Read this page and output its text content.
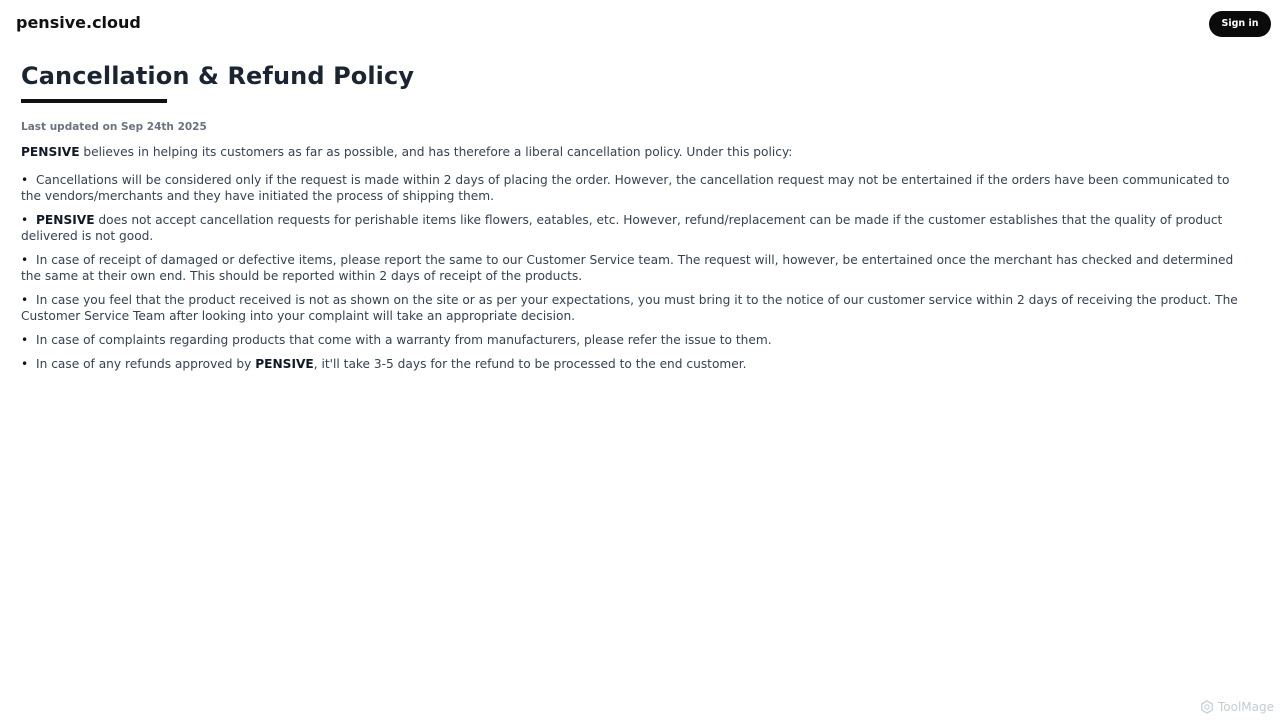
pensive.cloud	Sign in
Cancellation & Refund Policy
Last updated on Sep 24th 2025

PENSIVE believes in helping its customers as far as possible, and has therefore a liberal cancellation policy. Under this policy:

• Cancellations will be considered only if the request is made within 2 days of placing the order. However, the cancellation request may not be entertained if the orders have been communicated to the vendors/merchants and they have initiated the process of shipping them.
• PENSIVE does not accept cancellation requests for perishable items like flowers, eatables, etc. However, refund/replacement can be made if the customer establishes that the quality of product delivered is not good.
• In case of receipt of damaged or defective items, please report the same to our Customer Service team. The request will, however, be entertained once the merchant has checked and determined the same at their own end. This should be reported within 2 days of receipt of the products.
• In case you feel that the product received is not as shown on the site or as per your expectations, you must bring it to the notice of our customer service within 2 days of receiving the product. The Customer Service Team after looking into your complaint will take an appropriate decision.
• In case of complaints regarding products that come with a warranty from manufacturers, please refer the issue to them.
• In case of any refunds approved by PENSIVE, it'll take 3-5 days for the refund to be processed to the end customer.
ToolMage
